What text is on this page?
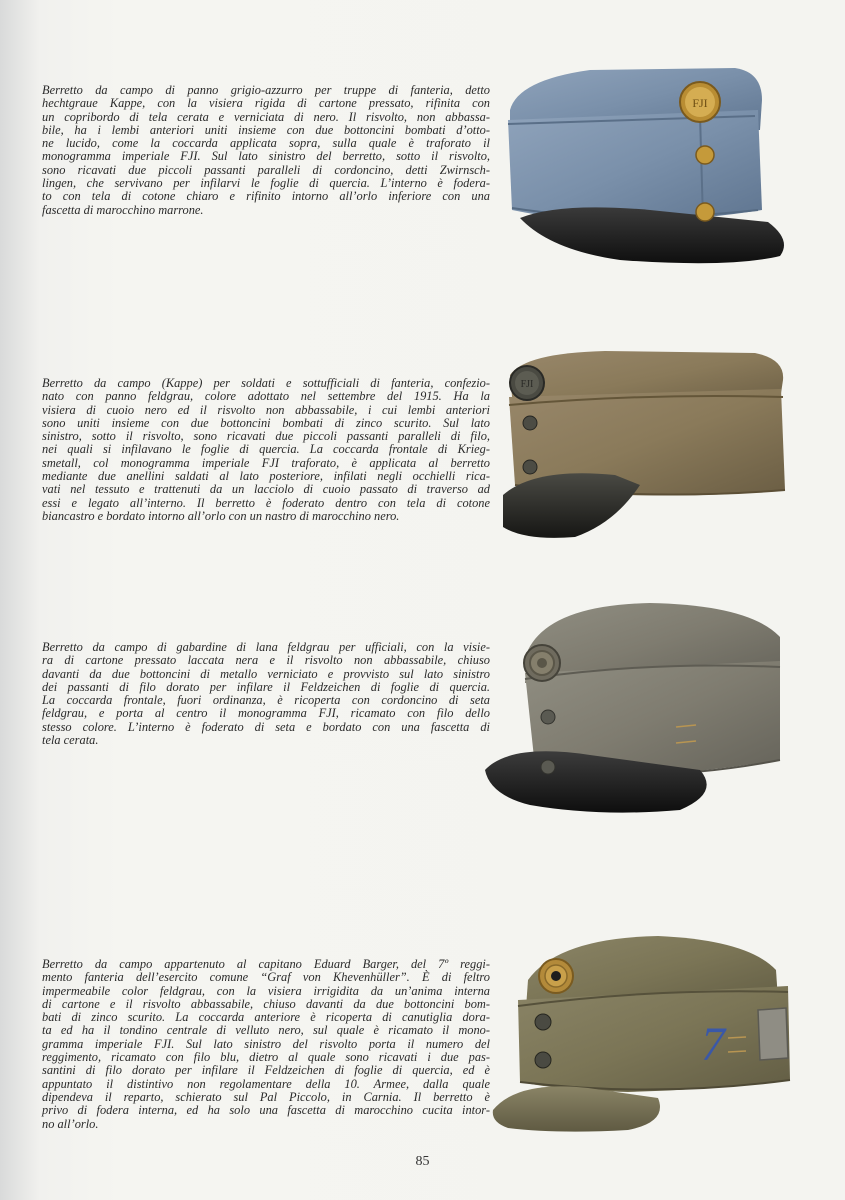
Berretto da campo di panno grigio-azzurro per truppe di fanteria, detto
hechtgraue Kappe, con la visiera rigida di cartone pressato, rifinita con
un copribordo di tela cerata e verniciata di nero. Il risvolto, non abbassa-
bile, ha i lembi anteriori uniti insieme con due bottoncini bombati d’otto-
ne lucido, come la coccarda applicata sopra, sulla quale è traforato il
monogramma imperiale FJI. Sul lato sinistro del berretto, sotto il risvolto,
sono ricavati due piccoli passanti paralleli di cordoncino, detti Zwirnsch-
lingen, che servivano per infilarvi le foglie di quercia. L’interno è fodera-
to con tela di cotone chiaro e rifinito intorno all’orlo inferiore con una
fascetta di marocchino marrone.

FJI

Berretto da campo (Kappe) per soldati e sottufficiali di fanteria, confezio-
nato con panno feldgrau, colore adottato nel settembre del 1915. Ha la
visiera di cuoio nero ed il risvolto non abbassabile, i cui lembi anteriori
sono uniti insieme con due bottoncini bombati di zinco scurito. Sul lato
sinistro, sotto il risvolto, sono ricavati due piccoli passanti paralleli di filo,
nei quali si infilavano le foglie di quercia. La coccarda frontale di Krieg-
smetall, col monogramma imperiale FJI traforato, è applicata al berretto
mediante due anellini saldati al lato posteriore, infilati negli occhielli rica-
vati nel tessuto e trattenuti da un lacciolo di cuoio passato di traverso ad
essi e legato all’interno. Il berretto è foderato dentro con tela di cotone
biancastro e bordato intorno all’orlo con un nastro di marocchino nero.

FJI

Berretto da campo di gabardine di lana feldgrau per ufficiali, con la visie-
ra di cartone pressato laccata nera e il risvolto non abbassabile, chiuso
davanti da due bottoncini di metallo verniciato e provvisto sul lato sinistro
dei passanti di filo dorato per infilare il Feldzeichen di foglie di quercia.
La coccarda frontale, fuori ordinanza, è ricoperta con cordoncino di seta
feldgrau, e porta al centro il monogramma FJI, ricamato con filo dello
stesso colore. L’interno è foderato di seta e bordato con una fascetta di
tela cerata.

Berretto da campo appartenuto al capitano Eduard Barger, del 7º reggi-
mento fanteria dell’esercito comune “Graf von Khevenhüller”. È di feltro
impermeabile color feldgrau, con la visiera irrigidita da un’anima interna
di cartone e il risvolto abbassabile, chiuso davanti da due bottoncini bom-
bati di zinco scurito. La coccarda anteriore è ricoperta di canutiglia dora-
ta ed ha il tondino centrale di velluto nero, sul quale è ricamato il mono-
gramma imperiale FJI. Sul lato sinistro del risvolto porta il numero del
reggimento, ricamato con filo blu, dietro al quale sono ricavati i due pas-
santini di filo dorato per infilare il Feldzeichen di foglie di quercia, ed è
appuntato il distintivo non regolamentare della 10. Armee, dalla quale
dipendeva il reparto, schierato sul Pal Piccolo, in Carnia. Il berretto è
privo di fodera interna, ed ha solo una fascetta di marocchino cucita intor-
no all’orlo.

7
85
